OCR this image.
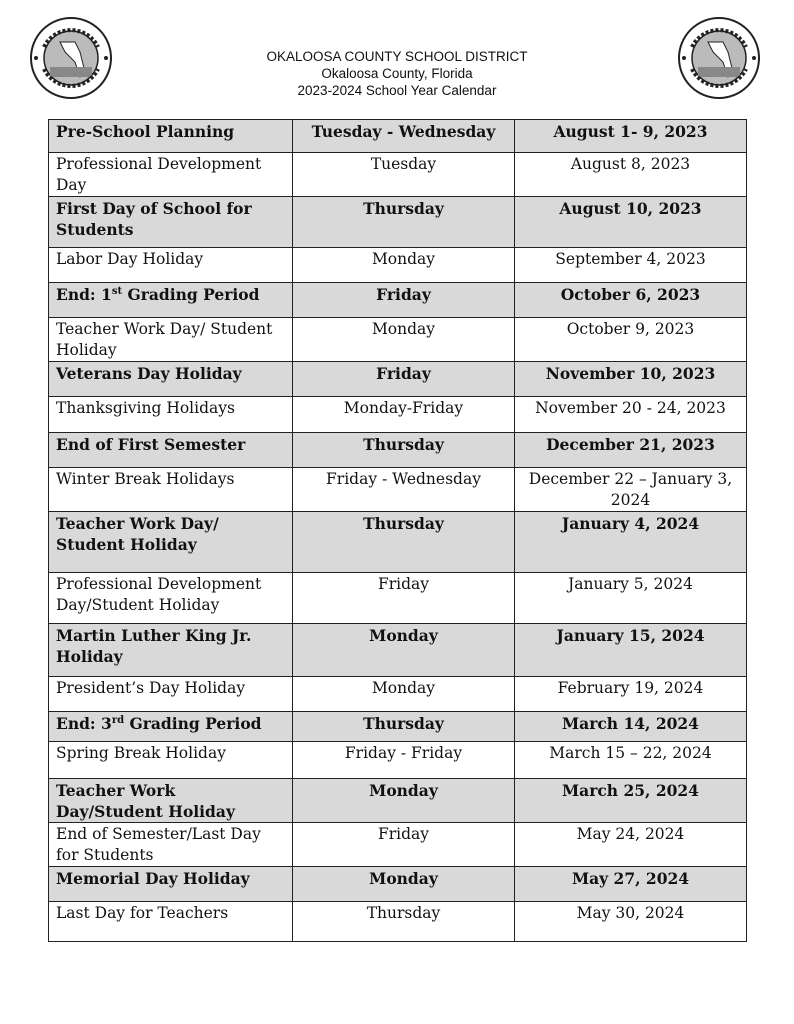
OKALOOSA COUNTY SCHOOL DISTRICT
Okaloosa County, Florida
2023-2024 School Year Calendar
Pre-School Planning	Tuesday - Wednesday	August 1- 9, 2023
Professional Development Day	Tuesday	August 8, 2023
First Day of School for Students	Thursday	August 10, 2023
Labor Day Holiday	Monday	September 4, 2023
End: 1st Grading Period	Friday	October 6, 2023
Teacher Work Day/ Student Holiday	Monday	October 9, 2023
Veterans Day Holiday	Friday	November 10, 2023
Thanksgiving Holidays	Monday-Friday	November 20 - 24, 2023
End of First Semester	Thursday	December 21, 2023
Winter Break Holidays	Friday - Wednesday	December 22 – January 3, 2024
Teacher Work Day/ Student Holiday	Thursday	January 4, 2024
Professional Development Day/Student Holiday	Friday	January 5, 2024
Martin Luther King Jr. Holiday	Monday	January 15, 2024
President’s Day Holiday	Monday	February 19, 2024
End: 3rd Grading Period	Thursday	March 14, 2024
Spring Break Holiday	Friday - Friday	March 15 – 22, 2024
Teacher Work Day/Student Holiday	Monday	March 25, 2024
End of Semester/Last Day for Students	Friday	May 24, 2024
Memorial Day Holiday	Monday	May 27, 2024
Last Day for Teachers	Thursday	May 30, 2024
